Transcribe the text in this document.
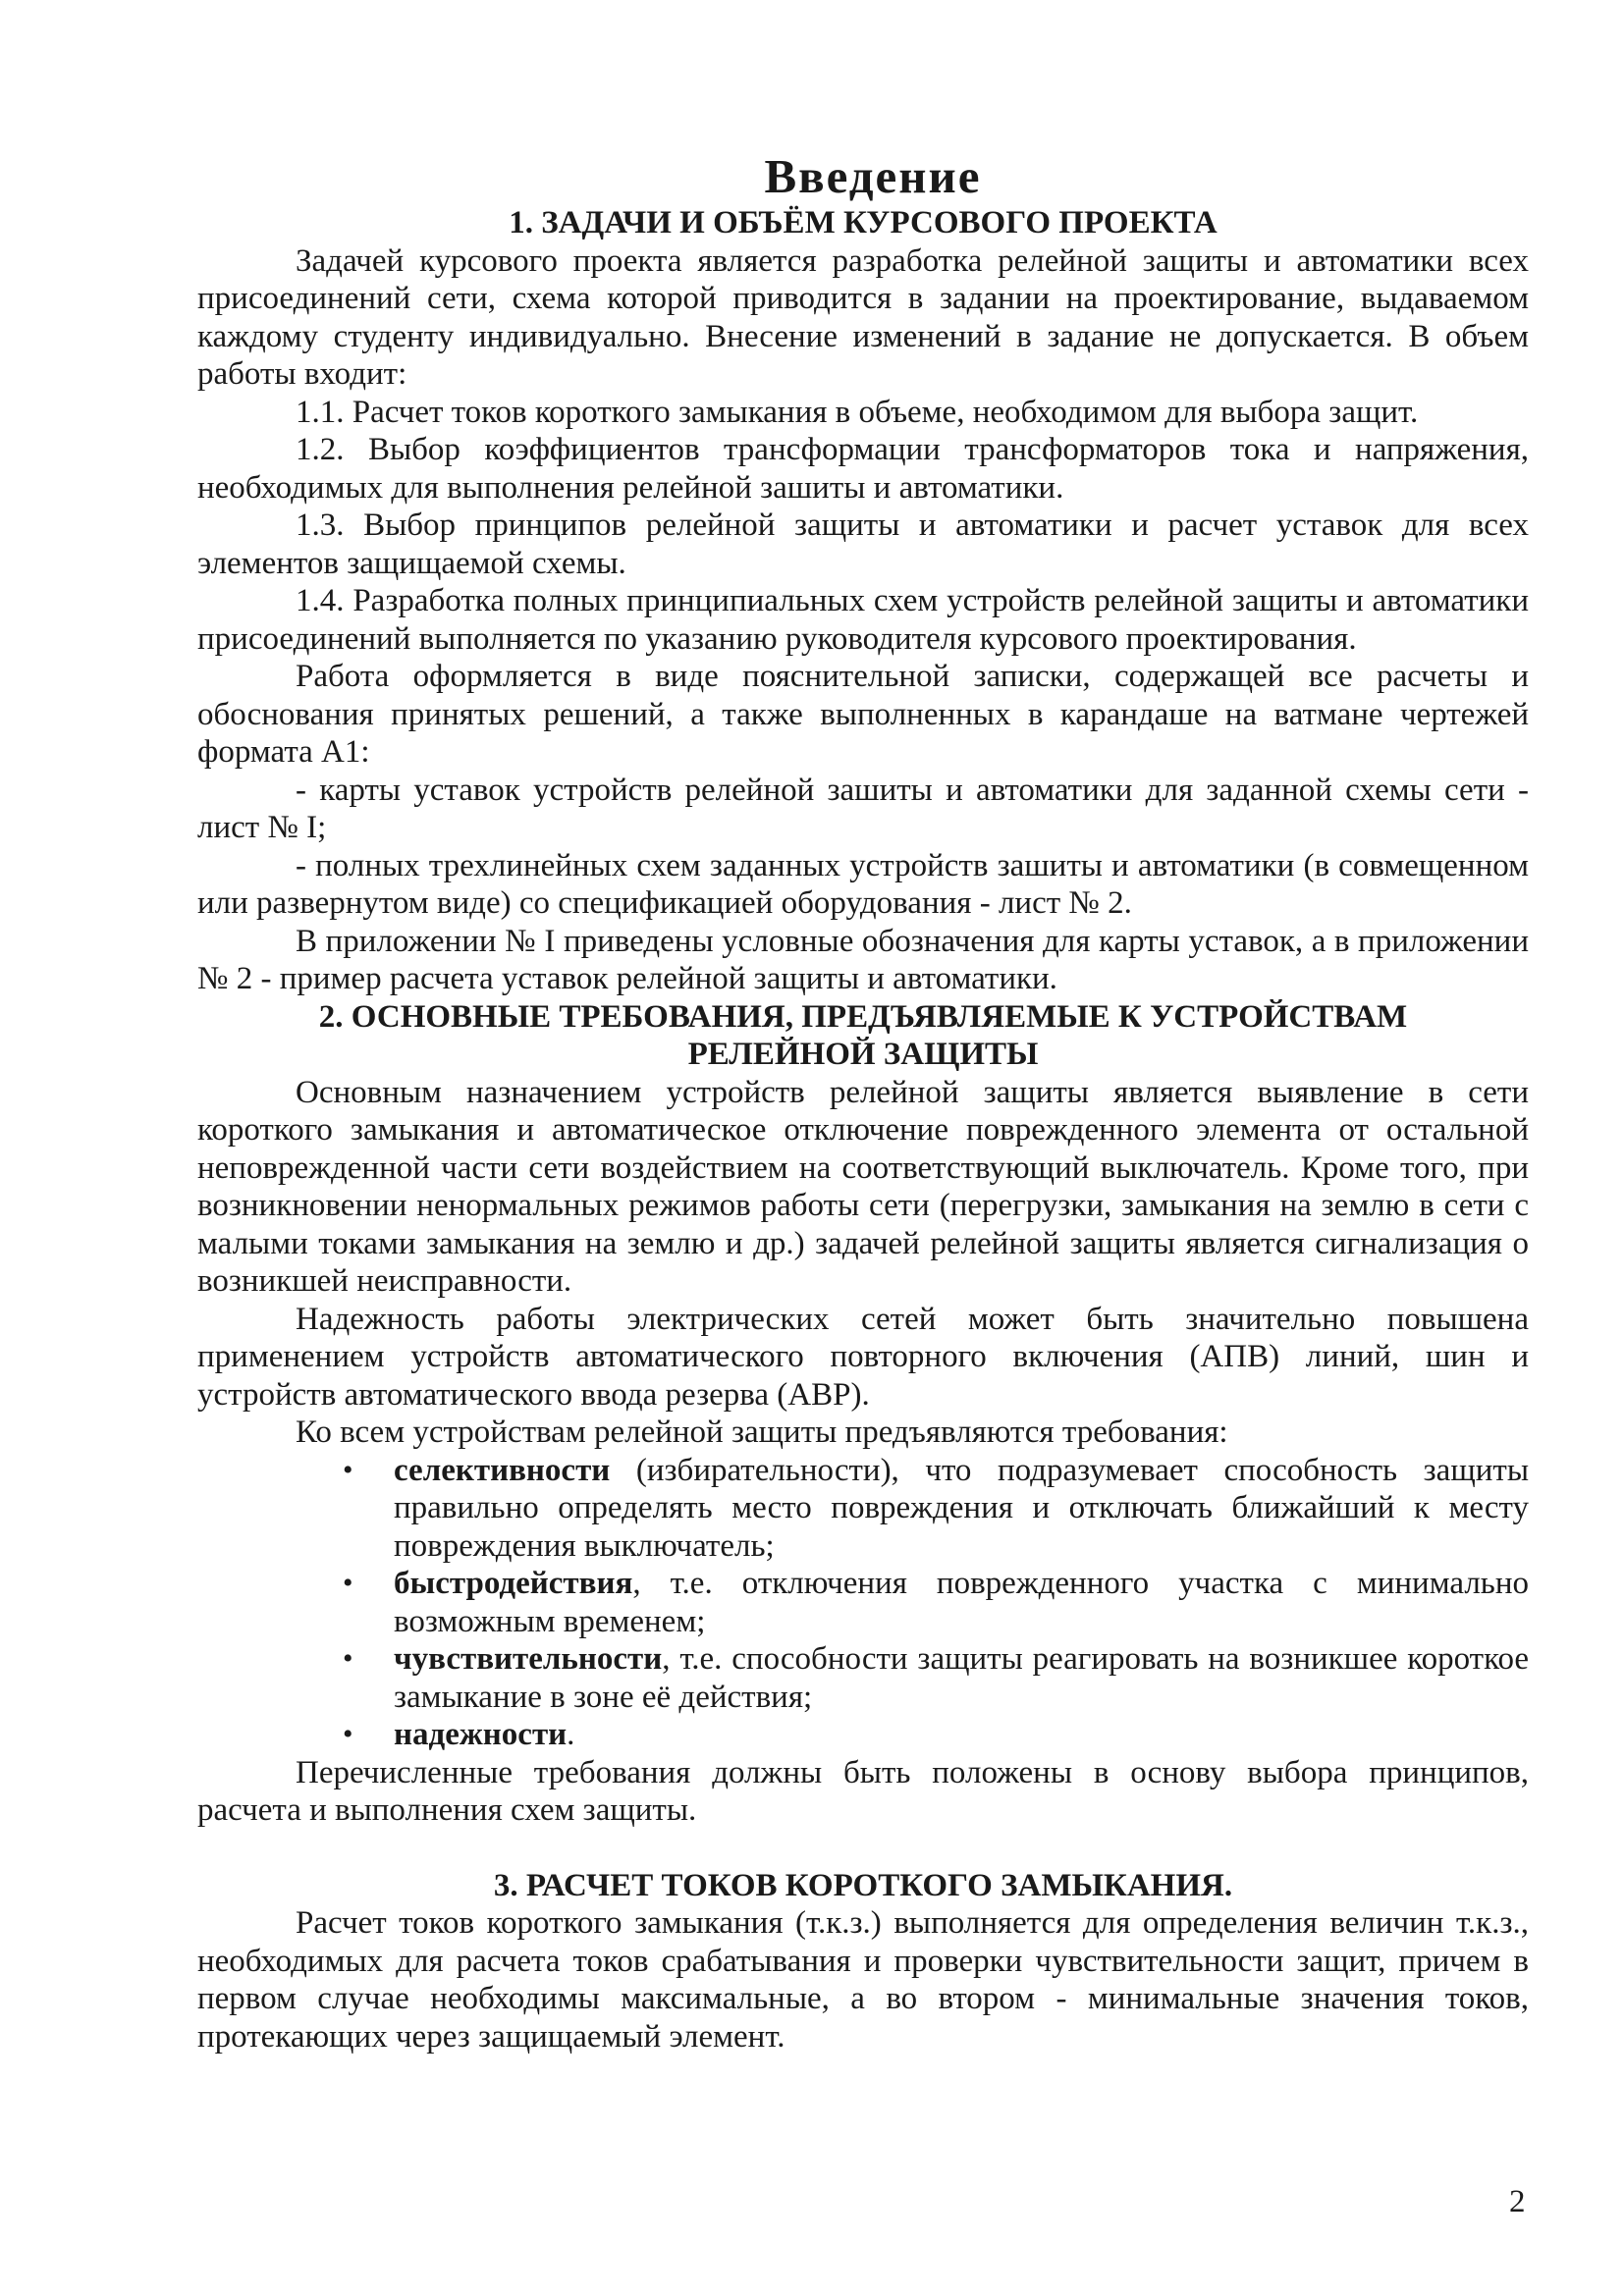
Введение
1. ЗАДАЧИ И ОБЪЁМ КУРСОВОГО ПРОЕКТА

Задачей курсового проекта является разработка релейной защиты и автоматики всех присоединений сети, схема которой приводится в задании на проектирование, выдаваемом каждому студенту индивидуально. Внесение изменений в задание не допускается. В объем работы входит:

1.1. Расчет токов короткого замыкания в объеме, необходимом для выбора защит.

1.2. Выбор коэффициентов трансформации трансформаторов тока и напряжения, необходимых для выполнения релейной зашиты и автоматики.

1.3. Выбор принципов релейной защиты и автоматики и расчет уставок для всех элементов защищаемой схемы.

1.4. Разработка полных принципиальных схем устройств релейной защиты и автоматики присоединений выполняется по указанию руководителя курсового проектирования.

Работа оформляется в виде пояснительной записки, содержащей все расчеты и обоснования принятых решений, а также выполненных в карандаше на ватмане чертежей формата А1:

- карты уставок устройств релейной зашиты и автоматики для заданной схемы сети - лист № I;

- полных трехлинейных схем заданных устройств зашиты и автоматики (в совмещенном или развернутом виде) со спецификацией оборудования - лист № 2.

В приложении № I приведены условные обозначения для карты уставок, а в приложении № 2 - пример расчета уставок релейной защиты и автоматики.

2. ОСНОВНЫЕ ТРЕБОВАНИЯ, ПРЕДЪЯВЛЯЕМЫЕ К УСТРОЙСТВАМ
РЕЛЕЙНОЙ ЗАЩИТЫ

Основным назначением устройств релейной защиты является выявление в сети короткого замыкания и автоматическое отключение поврежденного элемента от остальной неповрежденной части сети воздействием на соответствующий выключатель. Кроме того, при возникновении ненормальных режимов работы сети (перегрузки, замыкания на землю в сети с малыми токами замыкания на землю и др.) задачей релейной защиты является сигнализация о возникшей неисправности.

Надежность работы электрических сетей может быть значительно повышена применением устройств автоматического повторного включения (АПВ) линий, шин и устройств автоматического ввода резерва (АВР).

Ко всем устройствам релейной защиты предъявляются требования:

• селективности (избирательности), что подразумевает способность защиты правильно определять место повреждения и отключать ближайший к месту повреждения выключатель;
• быстродействия, т.е. отключения поврежденного участка с минимально возможным временем;
• чувствительности, т.е. способности защиты реагировать на возникшее короткое замыкание в зоне её действия;
• надежности.

Перечисленные требования должны быть положены в основу выбора принципов, расчета и выполнения схем защиты.

3. РАСЧЕТ ТОКОВ КОРОТКОГО ЗАМЫКАНИЯ.

Расчет токов короткого замыкания (т.к.з.) выполняется для определения величин т.к.з., необходимых для расчета токов срабатывания и проверки чувствительности защит, причем в первом случае необходимы максимальные, а во втором - минимальные значения токов, протекающих через защищаемый элемент.

2
